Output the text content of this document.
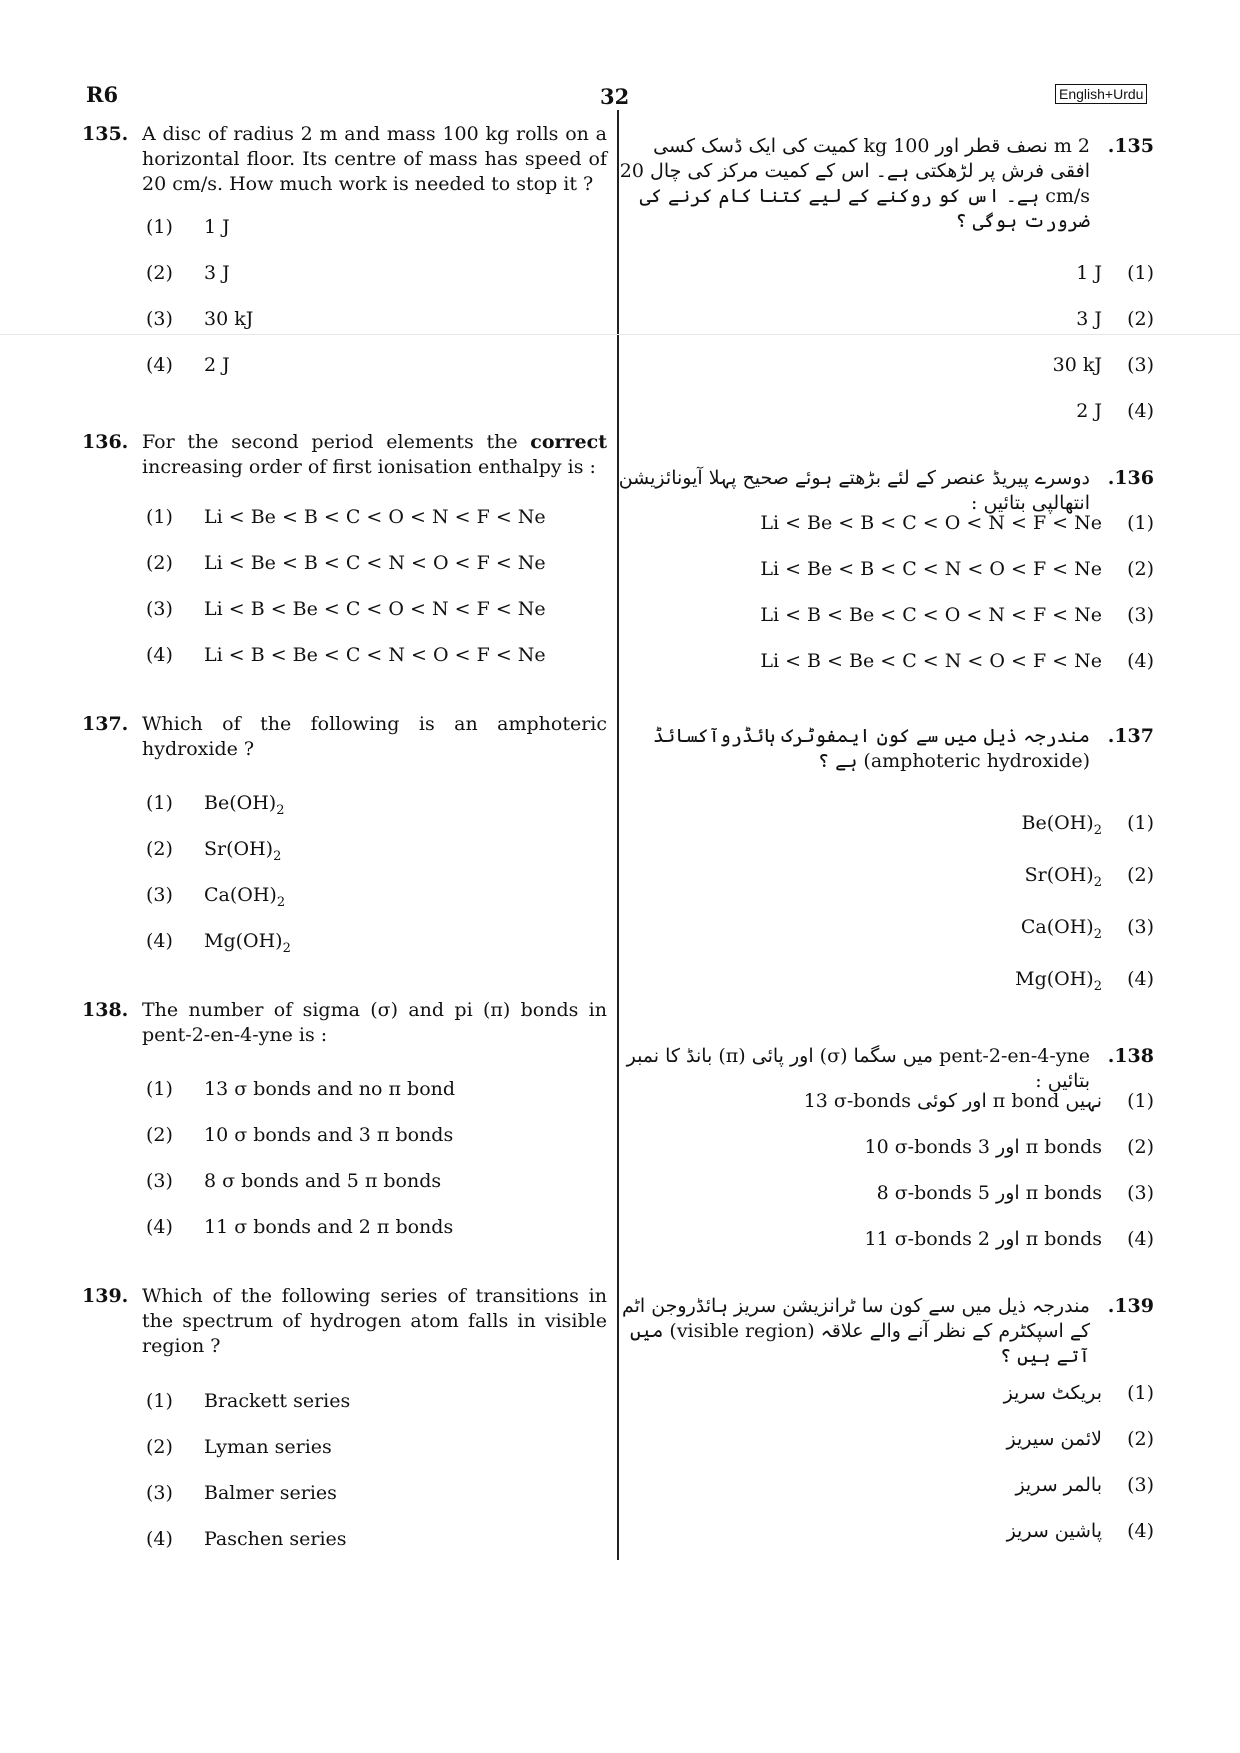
R6	32	English+Urdu
135. A disc of radius 2 m and mass 100 kg rolls on a horizontal floor. Its centre of mass has speed of 20 cm/s. How much work is needed to stop it ?
(1) 1 J
(2) 3 J
(3) 30 kJ
(4) 2 J
136. For the second period elements the correct increasing order of first ionisation enthalpy is :
(1) Li < Be < B < C < O < N < F < Ne
(2) Li < Be < B < C < N < O < F < Ne
(3) Li < B < Be < C < O < N < F < Ne
(4) Li < B < Be < C < N < O < F < Ne
137. Which of the following is an amphoteric hydroxide ?
(1) $Be(OH)_2$
(2) $Sr(OH)_2$
(3) $Ca(OH)_2$
(4) $Mg(OH)_2$
138. The number of sigma (σ) and pi (π) bonds in pent-2-en-4-yne is :
(1) 13 σ bonds and no π bond
(2) 10 σ bonds and 3 π bonds
(3) 8 σ bonds and 5 π bonds
(4) 11 σ bonds and 2 π bonds
139. Which of the following series of transitions in the spectrum of hydrogen atom falls in visible region ?
(1) Brackett series
(2) Lyman series
(3) Balmer series
(4) Paschen series
.135
2 m نصف قطر اور 100 kg کمیت کی ایک ڈسک کسی افقی فرش پر لڑھکتی ہے۔ اس کے کمیت مرکز کی چال 20 cm/s ہے۔ اس کو روکنے کے لیے کتنا کام کرنے کی ضرورت ہوگی ؟
1 J (1)
3 J (2)
30 kJ (3)
2 J (4)
.136
دوسرے پیریڈ عنصر کے لئے بڑھتے ہوئے صحیح پہلا آیونائزیشن انتھالپی بتائیں :
Li < Be < B < C < O < N < F < Ne (1)
Li < Be < B < C < N < O < F < Ne (2)
Li < B < Be < C < O < N < F < Ne (3)
Li < B < Be < C < N < O < F < Ne (4)
.137
مندرجہ ذیل میں سے کون ایمفوٹرک ہائڈروآکسائڈ (amphoteric hydroxide) ہے ؟
$Be(OH)_2$ (1)
$Sr(OH)_2$ (2)
$Ca(OH)_2$ (3)
$Mg(OH)_2$ (4)
.138
pent-2-en-4-yne میں سگما (σ) اور پائی (π) بانڈ کا نمبر بتائیں :
13 σ-bonds اور کوئی π bond نہیں (1)
10 σ-bonds اور 3 π bonds (2)
8 σ-bonds اور 5 π bonds (3)
11 σ-bonds اور 2 π bonds (4)
.139
مندرجہ ذیل میں سے کون سا ٹرانزیشن سریز ہائڈروجن اٹم کے اسپکٹرم کے نظر آنے والے علاقہ (visible region) میں آتے ہیں ؟
بریکٹ سریز (1)
لائمن سیریز (2)
بالمر سریز (3)
پاشین سریز (4)
